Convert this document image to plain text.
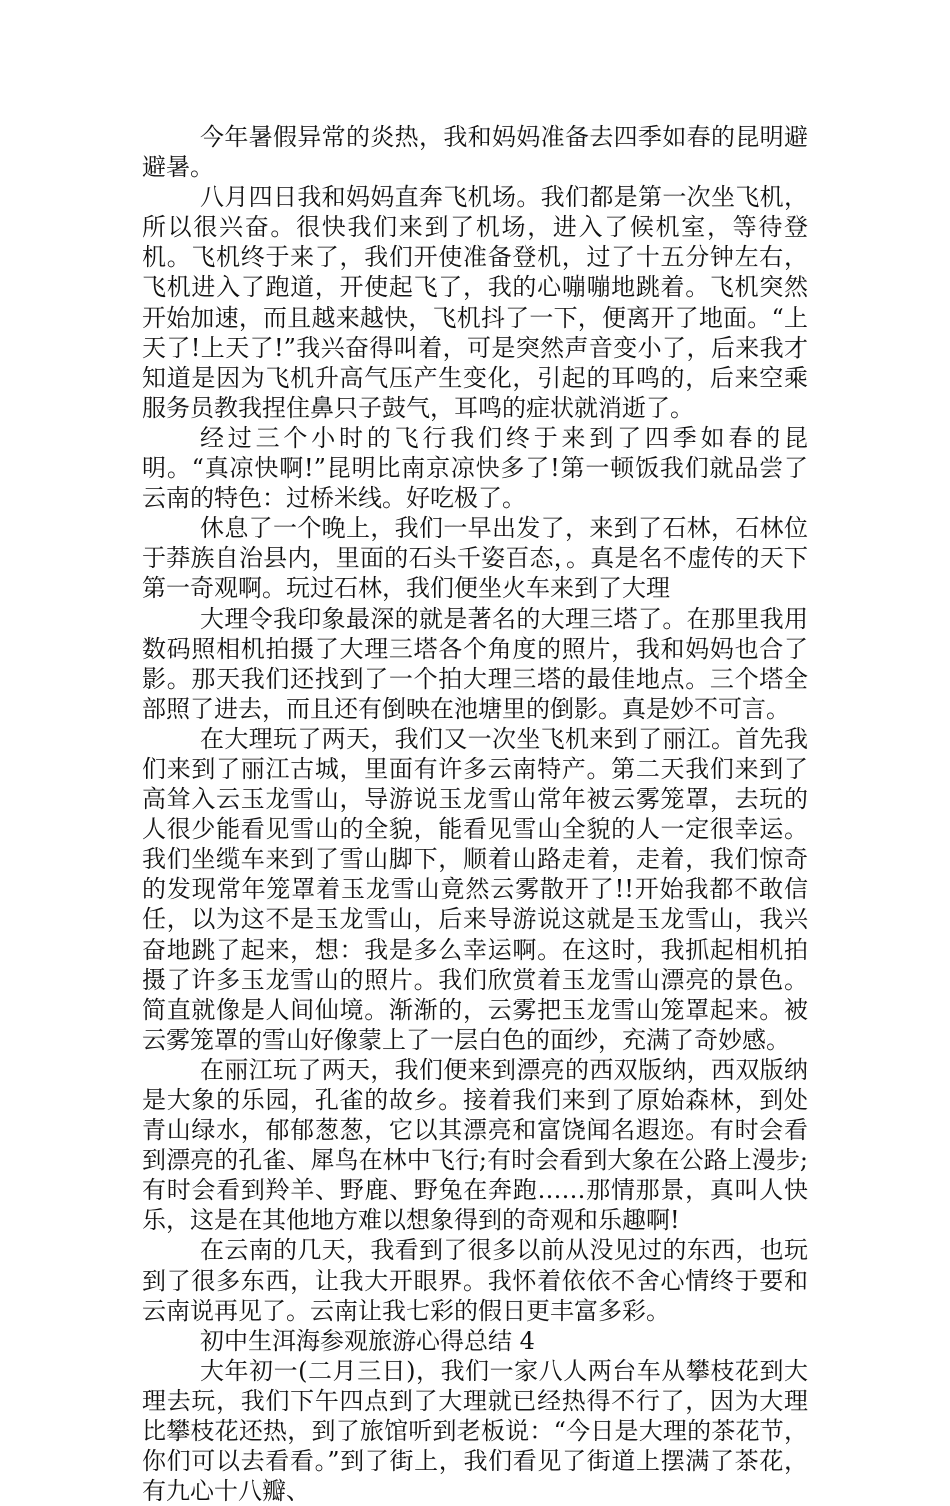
今年暑假异常的炎热，我和妈妈准备去四季如春的昆明避避暑。

八月四日我和妈妈直奔飞机场。我们都是第一次坐飞机，所以很兴奋。很快我们来到了机场，进入了候机室，等待登机。飞机终于来了，我们开使准备登机，过了十五分钟左右，飞机进入了跑道，开使起飞了，我的心嘣嘣地跳着。飞机突然开始加速，而且越来越快，飞机抖了一下，便离开了地面。“上天了!上天了!”我兴奋得叫着，可是突然声音变小了，后来我才知道是因为飞机升高气压产生变化，引起的耳鸣的，后来空乘服务员教我捏住鼻只子鼓气，耳鸣的症状就消逝了。

经过三个小时的飞行我们终于来到了四季如春的昆明。“真凉快啊!”昆明比南京凉快多了!第一顿饭我们就品尝了云南的特色：过桥米线。好吃极了。

休息了一个晚上，我们一早出发了，来到了石林，石林位于莽族自治县内，里面的石头千姿百态，。真是名不虚传的天下第一奇观啊。玩过石林，我们便坐火车来到了大理

大理令我印象最深的就是著名的大理三塔了。在那里我用数码照相机拍摄了大理三塔各个角度的照片，我和妈妈也合了影。那天我们还找到了一个拍大理三塔的最佳地点。三个塔全部照了进去，而且还有倒映在池塘里的倒影。真是妙不可言。

在大理玩了两天，我们又一次坐飞机来到了丽江。首先我们来到了丽江古城，里面有许多云南特产。第二天我们来到了高耸入云玉龙雪山，导游说玉龙雪山常年被云雾笼罩，去玩的人很少能看见雪山的全貌，能看见雪山全貌的人一定很幸运。我们坐缆车来到了雪山脚下，顺着山路走着，走着，我们惊奇的发现常年笼罩着玉龙雪山竟然云雾散开了!!开始我都不敢信任，以为这不是玉龙雪山，后来导游说这就是玉龙雪山，我兴奋地跳了起来，想：我是多么幸运啊。在这时，我抓起相机拍摄了许多玉龙雪山的照片。我们欣赏着玉龙雪山漂亮的景色。简直就像是人间仙境。渐渐的，云雾把玉龙雪山笼罩起来。被云雾笼罩的雪山好像蒙上了一层白色的面纱，充满了奇妙感。

在丽江玩了两天，我们便来到漂亮的西双版纳，西双版纳是大象的乐园，孔雀的故乡。接着我们来到了原始森林，到处青山绿水，郁郁葱葱，它以其漂亮和富饶闻名遐迩。有时会看到漂亮的孔雀、犀鸟在林中飞行;有时会看到大象在公路上漫步;有时会看到羚羊、野鹿、野兔在奔跑……那情那景，真叫人快乐，这是在其他地方难以想象得到的奇观和乐趣啊!

在云南的几天，我看到了很多以前从没见过的东西，也玩到了很多东西，让我大开眼界。我怀着依依不舍心情终于要和云南说再见了。云南让我七彩的假日更丰富多彩。

初中生洱海参观旅游心得总结 4

大年初一(二月三日)，我们一家八人两台车从攀枝花到大理去玩，我们下午四点到了大理就已经热得不行了，因为大理比攀枝花还热，到了旅馆听到老板说：“今日是大理的茶花节，你们可以去看看。”到了街上，我们看见了街道上摆满了茶花，有九心十八瓣、
